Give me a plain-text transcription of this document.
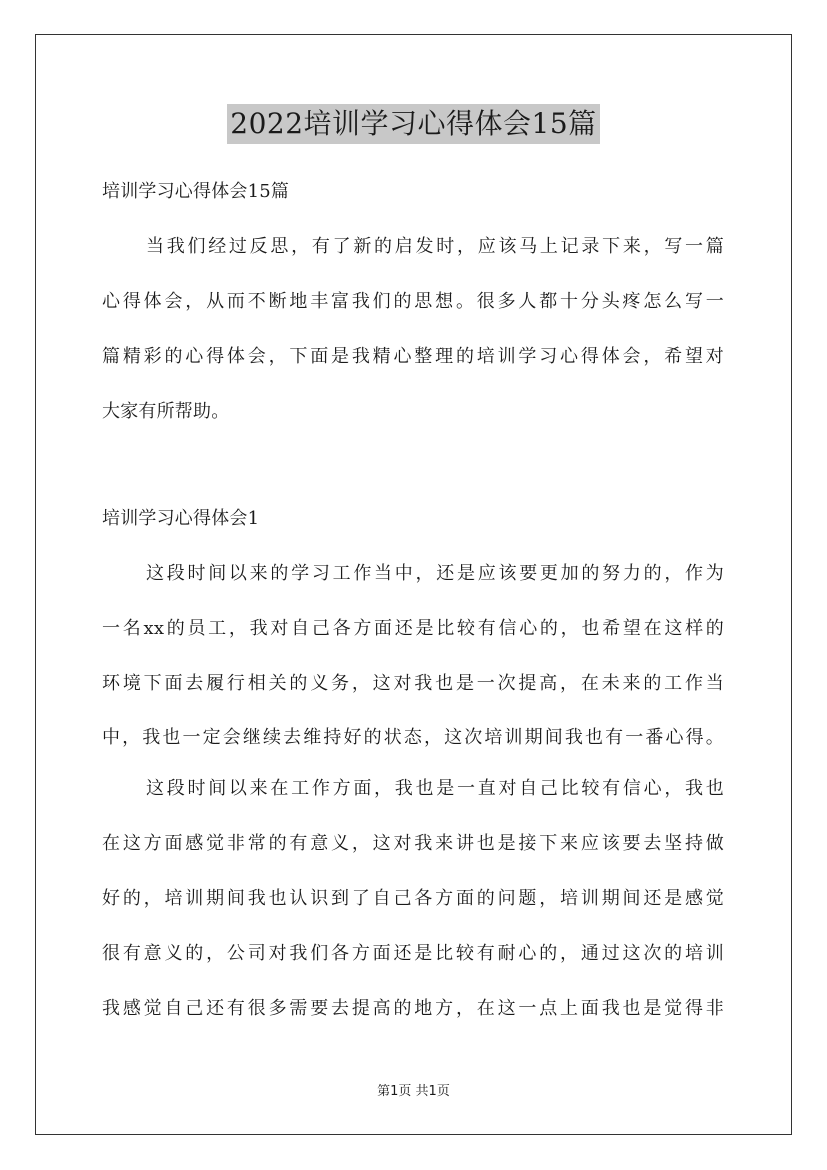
2022培训学习心得体会15篇
培训学习心得体会15篇
当我们经过反思，有了新的启发时，应该马上记录下来，写一篇
心得体会，从而不断地丰富我们的思想。很多人都十分头疼怎么写一
篇精彩的心得体会，下面是我精心整理的培训学习心得体会，希望对
大家有所帮助。
培训学习心得体会1
这段时间以来的学习工作当中，还是应该要更加的努力的，作为
一名xx的员工，我对自己各方面还是比较有信心的，也希望在这样的
环境下面去履行相关的义务，这对我也是一次提高，在未来的工作当
中，我也一定会继续去维持好的状态，这次培训期间我也有一番心得。
这段时间以来在工作方面，我也是一直对自己比较有信心，我也
在这方面感觉非常的有意义，这对我来讲也是接下来应该要去坚持做
好的，培训期间我也认识到了自己各方面的问题，培训期间还是感觉
很有意义的，公司对我们各方面还是比较有耐心的，通过这次的培训
我感觉自己还有很多需要去提高的地方，在这一点上面我也是觉得非
第1页 共1页
